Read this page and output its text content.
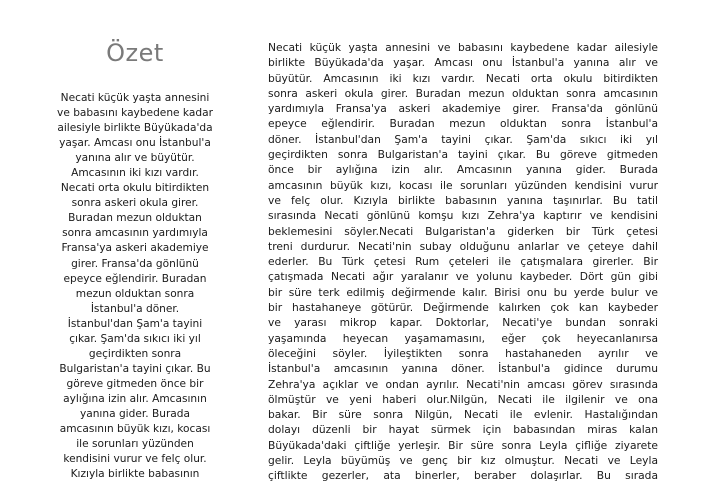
Özet

Necati küçük yaşta annesini
ve babasını kaybedene kadar
ailesiyle birlikte Büyükada'da
yaşar. Amcası onu İstanbul'a
yanına alır ve büyütür.
Amcasının iki kızı vardır.
Necati orta okulu bitirdikten
sonra askeri okula girer.
Buradan mezun olduktan
sonra amcasının yardımıyla
Fransa'ya askeri akademiye
girer. Fransa'da gönlünü
epeyce eğlendirir. Buradan
mezun olduktan sonra
İstanbul'a döner.
İstanbul'dan Şam'a tayini
çıkar. Şam'da sıkıcı iki yıl
geçirdikten sonra
Bulgaristan'a tayini çıkar. Bu
göreve gitmeden önce bir
aylığına izin alır. Amcasının
yanına gider. Burada
amcasının büyük kızı, kocası
ile sorunları yüzünden
kendisini vurur ve felç olur.
Kızıyla birlikte babasının

Necati küçük yaşta annesini ve babasını kaybedene kadar ailesiyle
birlikte Büyükada'da yaşar. Amcası onu İstanbul'a yanına alır ve
büyütür. Amcasının iki kızı vardır. Necati orta okulu bitirdikten
sonra askeri okula girer. Buradan mezun olduktan sonra amcasının
yardımıyla Fransa'ya askeri akademiye girer. Fransa'da gönlünü
epeyce eğlendirir. Buradan mezun olduktan sonra İstanbul'a
döner. İstanbul'dan Şam'a tayini çıkar. Şam'da sıkıcı iki yıl
geçirdikten sonra Bulgaristan'a tayini çıkar. Bu göreve gitmeden
önce bir aylığına izin alır. Amcasının yanına gider. Burada
amcasının büyük kızı, kocası ile sorunları yüzünden kendisini vurur
ve felç olur. Kızıyla birlikte babasının yanına taşınırlar. Bu tatil
sırasında Necati gönlünü komşu kızı Zehra'ya kaptırır ve kendisini
beklemesini söyler.Necati Bulgaristan'a giderken bir Türk çetesi
treni durdurur. Necati'nin subay olduğunu anlarlar ve çeteye dahil
ederler. Bu Türk çetesi Rum çeteleri ile çatışmalara girerler. Bir
çatışmada Necati ağır yaralanır ve yolunu kaybeder. Dört gün gibi
bir süre terk edilmiş değirmende kalır. Birisi onu bu yerde bulur ve
bir hastahaneye götürür. Değirmende kalırken çok kan kaybeder
ve yarası mikrop kapar. Doktorlar, Necati'ye bundan sonraki
yaşamında heyecan yaşamamasını, eğer çok heyecanlanırsa
öleceğini söyler. İyileştikten sonra hastahaneden ayrılır ve
İstanbul'a amcasının yanına döner. İstanbul'a gidince durumu
Zehra'ya açıklar ve ondan ayrılır. Necati'nin amcası görev sırasında
ölmüştür ve yeni haberi olur.Nilgün, Necati ile ilgilenir ve ona
bakar. Bir süre sonra Nilgün, Necati ile evlenir. Hastalığından
dolayı düzenli bir hayat sürmek için babasından miras kalan
Büyükada'daki çiftliğe yerleşir. Bir süre sonra Leyla çifliğe ziyarete
gelir. Leyla büyümüş ve genç bir kız olmuştur. Necati ve Leyla
çiftlikte gezerler, ata binerler, beraber dolaşırlar. Bu sırada
